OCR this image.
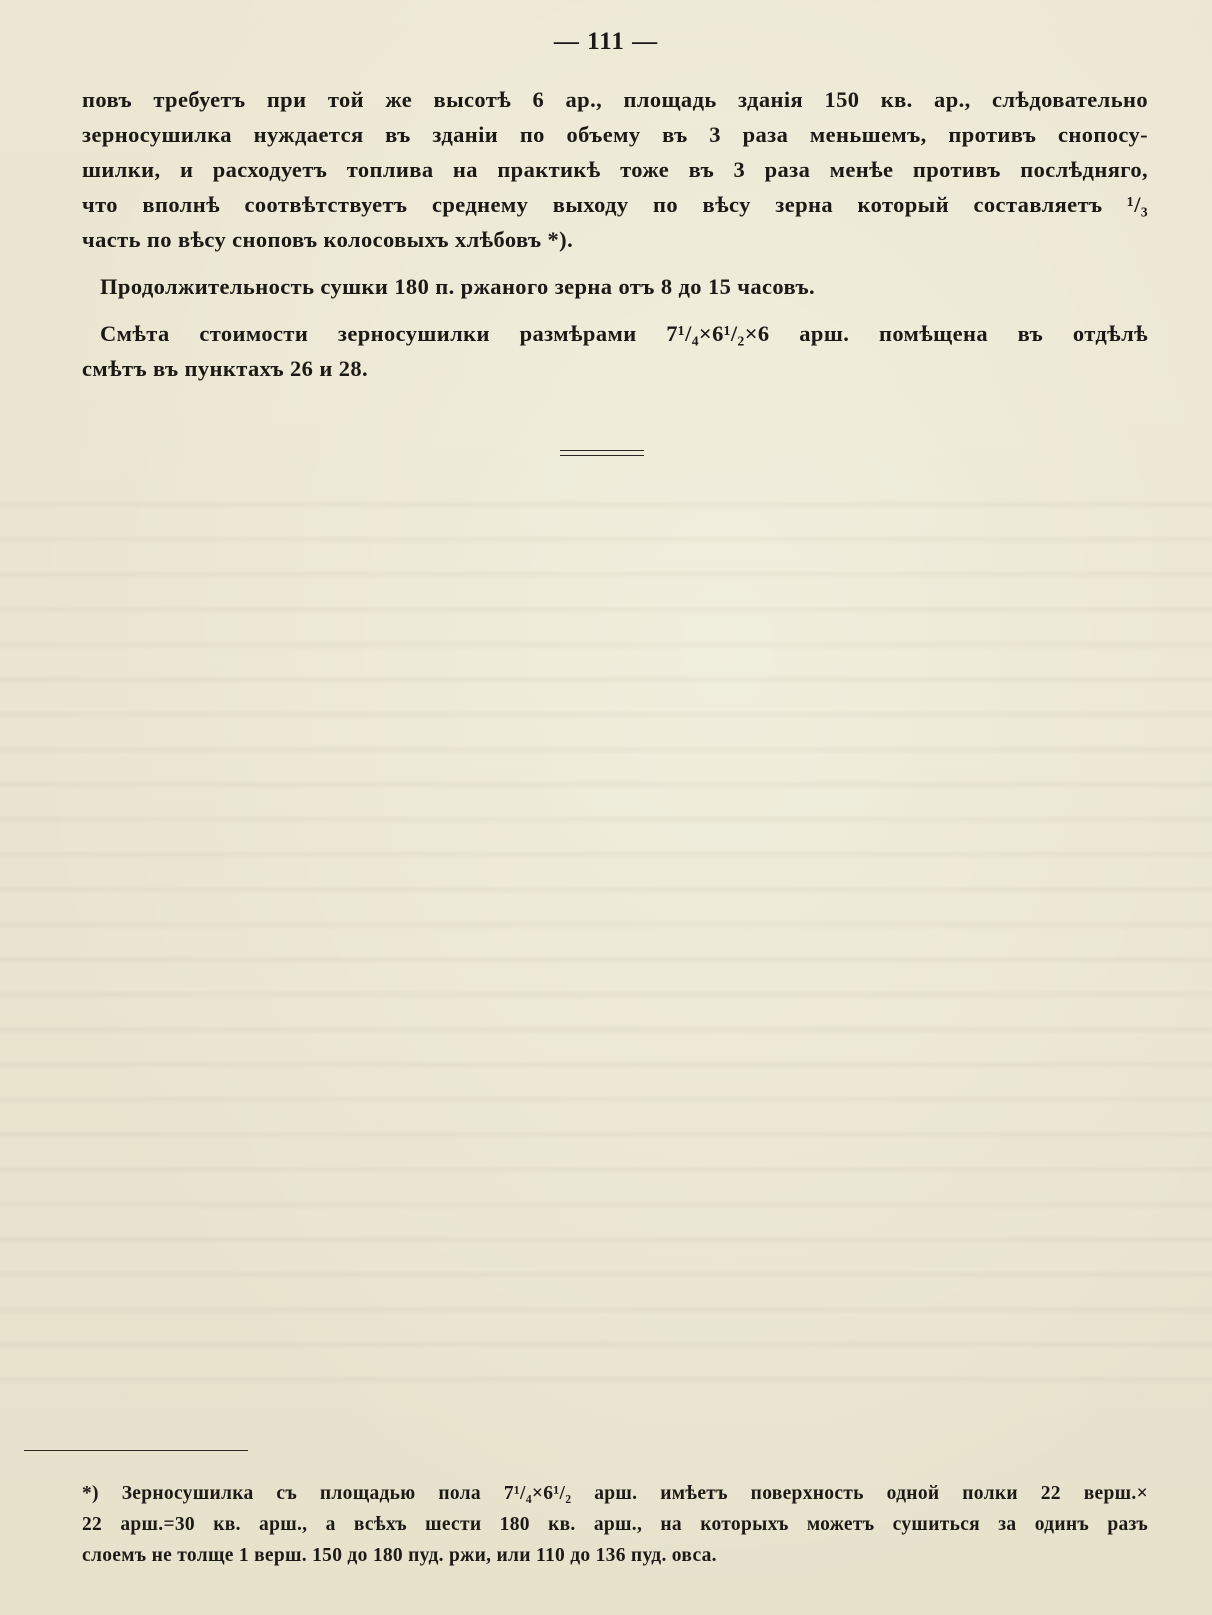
— 111 —
повъ требуетъ при той же высотѣ 6 ар., площадь зданія 150 кв. ар., слѣдовательно
зерносушилка нуждается въ зданіи по объему въ 3 раза меньшемъ, противъ снопосу-
шилки, и расходуетъ топлива на практикѣ тоже въ 3 раза менѣе противъ послѣдняго,
что вполнѣ соотвѣтствуетъ среднему выходу по вѣсу зерна который составляетъ ¹/₃
часть по вѣсу сноповъ колосовыхъ хлѣбовъ *).
Продолжительность сушки 180 п. ржаного зерна отъ 8 до 15 часовъ.
Смѣта стоимости зерносушилки размѣрами 7¹/₄×6¹/₂×6 арш. помѣщена въ отдѣлѣ
смѣтъ въ пунктахъ 26 и 28.
*) Зерносушилка съ площадью пола 7¹/₄×6¹/₂ арш. имѣетъ поверхность одной полки 22 верш.×
22 арш.=30 кв. арш., а всѣхъ шести 180 кв. арш., на которыхъ можетъ сушиться за одинъ разъ
слоемъ не толще 1 верш. 150 до 180 пуд. ржи, или 110 до 136 пуд. овса.
